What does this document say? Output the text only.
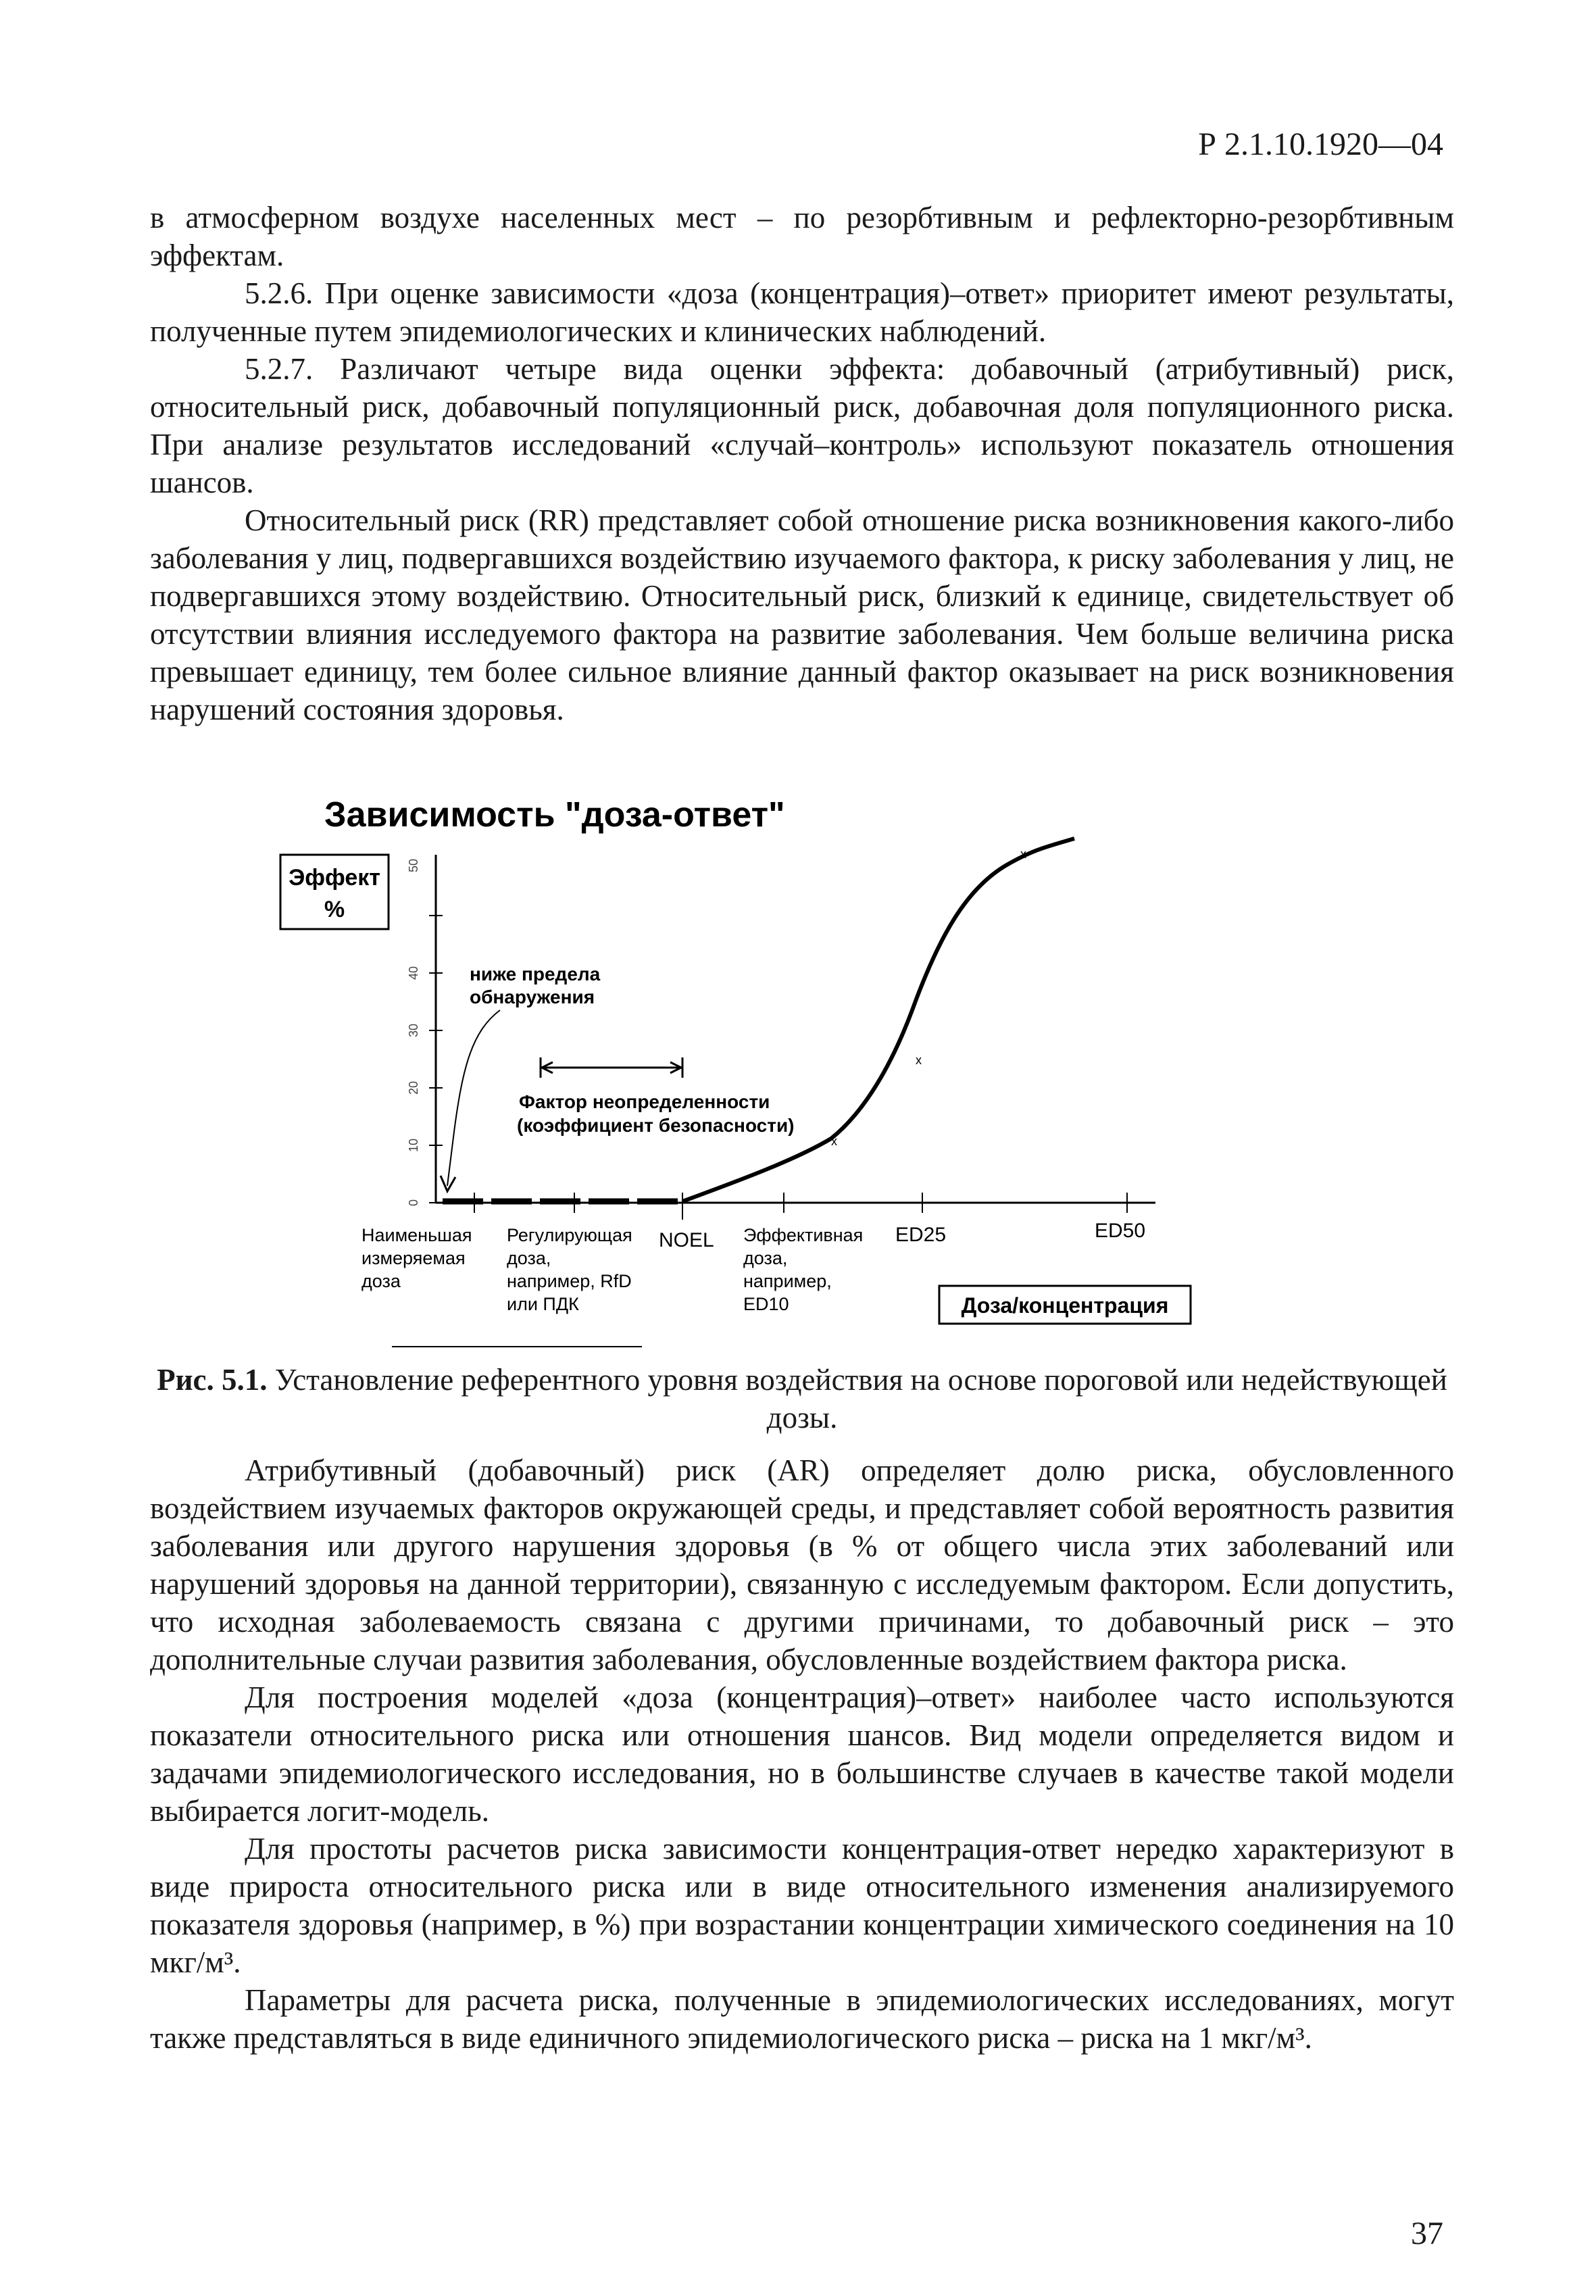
Р 2.1.10.1920—04

в атмосферном воздухе населенных мест – по резорбтивным и рефлекторно-резорбтивным эффектам.

5.2.6. При оценке зависимости «доза (концентрация)–ответ» приоритет имеют результаты, полученные путем эпидемиологических и клинических наблюдений.

5.2.7. Различают четыре вида оценки эффекта: добавочный (атрибутивный) риск, относительный риск, добавочный популяционный риск, добавочная доля популяционного риска. При анализе результатов исследований «случай–контроль» используют показатель отношения шансов.

Относительный риск (RR) представляет собой отношение риска возникновения какого-либо заболевания у лиц, подвергавшихся воздействию изучаемого фактора, к риску заболевания у лиц, не подвергавшихся этому воздействию. Относительный риск, близкий к единице, свидетельствует об отсутствии влияния исследуемого фактора на развитие заболевания. Чем больше величина риска превышает единицу, тем более сильное влияние данный фактор оказывает на риск возникновения нарушений состояния здоровья.

Зависимость "доза-ответ"
Эффект
%
0
10
20
30
40
50
x
x
x
ниже предела
обнаружения
Фактор неопределенности
(коэффициент безопасности)
Наименьшая
измеряемая
доза
Регулирующая
доза,
например, RfD
или ПДК
NOEL Эффективная
доза,
например,
ED10
ED25	ED50
Доза/концентрация
Рис. 5.1. Установление референтного уровня воздействия на основе пороговой или недействующей дозы.

Атрибутивный (добавочный) риск (AR) определяет долю риска, обусловленного воздействием изучаемых факторов окружающей среды, и представляет собой вероятность развития заболевания или другого нарушения здоровья (в % от общего числа этих заболеваний или нарушений здоровья на данной территории), связанную с исследуемым фактором. Если допустить, что исходная заболеваемость связана с другими причинами, то добавочный риск – это дополнительные случаи развития заболевания, обусловленные воздействием фактора риска.

Для построения моделей «доза (концентрация)–ответ» наиболее часто используются показатели относительного риска или отношения шансов. Вид модели определяется видом и задачами эпидемиологического исследования, но в большинстве случаев в качестве такой модели выбирается логит-модель.

Для простоты расчетов риска зависимости концентрация-ответ нередко характеризуют в виде прироста относительного риска или в виде относительного изменения анализируемого показателя здоровья (например, в %) при возрастании концентрации химического соединения на 10 мкг/м³.

Параметры для расчета риска, полученные в эпидемиологических исследованиях, могут также представляться в виде единичного эпидемиологического риска – риска на 1 мкг/м³.

37
